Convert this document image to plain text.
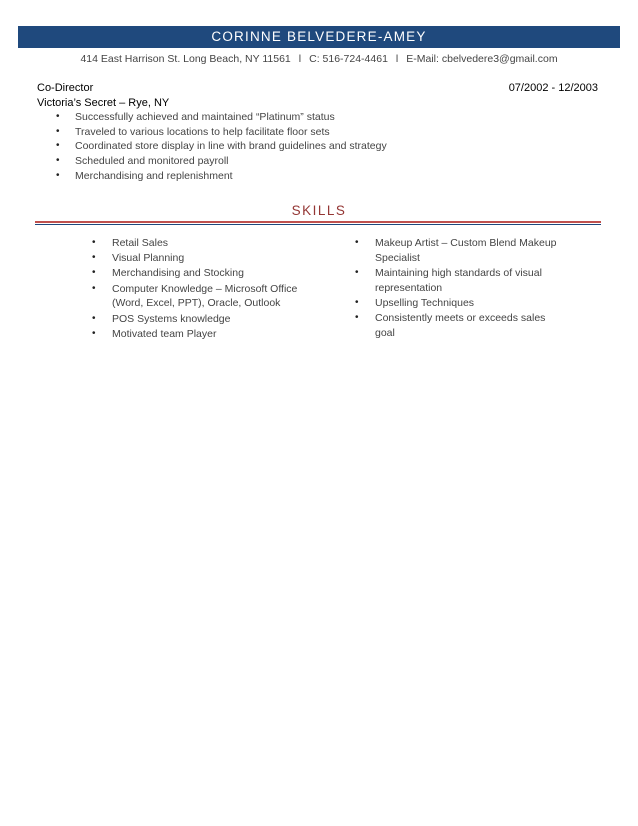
CORINNE BELVEDERE-AMEY
414 East Harrison St. Long Beach, NY 11561 l C: 516-724-4461 l E-Mail: cbelvedere3@gmail.com
Co-Director	07/2002 - 12/2003
Victoria’s Secret – Rye, NY
• Successfully achieved and maintained “Platinum” status
• Traveled to various locations to help facilitate floor sets
• Coordinated store display in line with brand guidelines and strategy
• Scheduled and monitored payroll
• Merchandising and replenishment
SKILLS
• Retail Sales
• Visual Planning
• Merchandising and Stocking
• Computer Knowledge – Microsoft Office (Word, Excel, PPT), Oracle, Outlook
• POS Systems knowledge
• Motivated team Player
• Makeup Artist – Custom Blend Makeup Specialist
• Maintaining high standards of visual representation
• Upselling Techniques
• Consistently meets or exceeds sales goal
